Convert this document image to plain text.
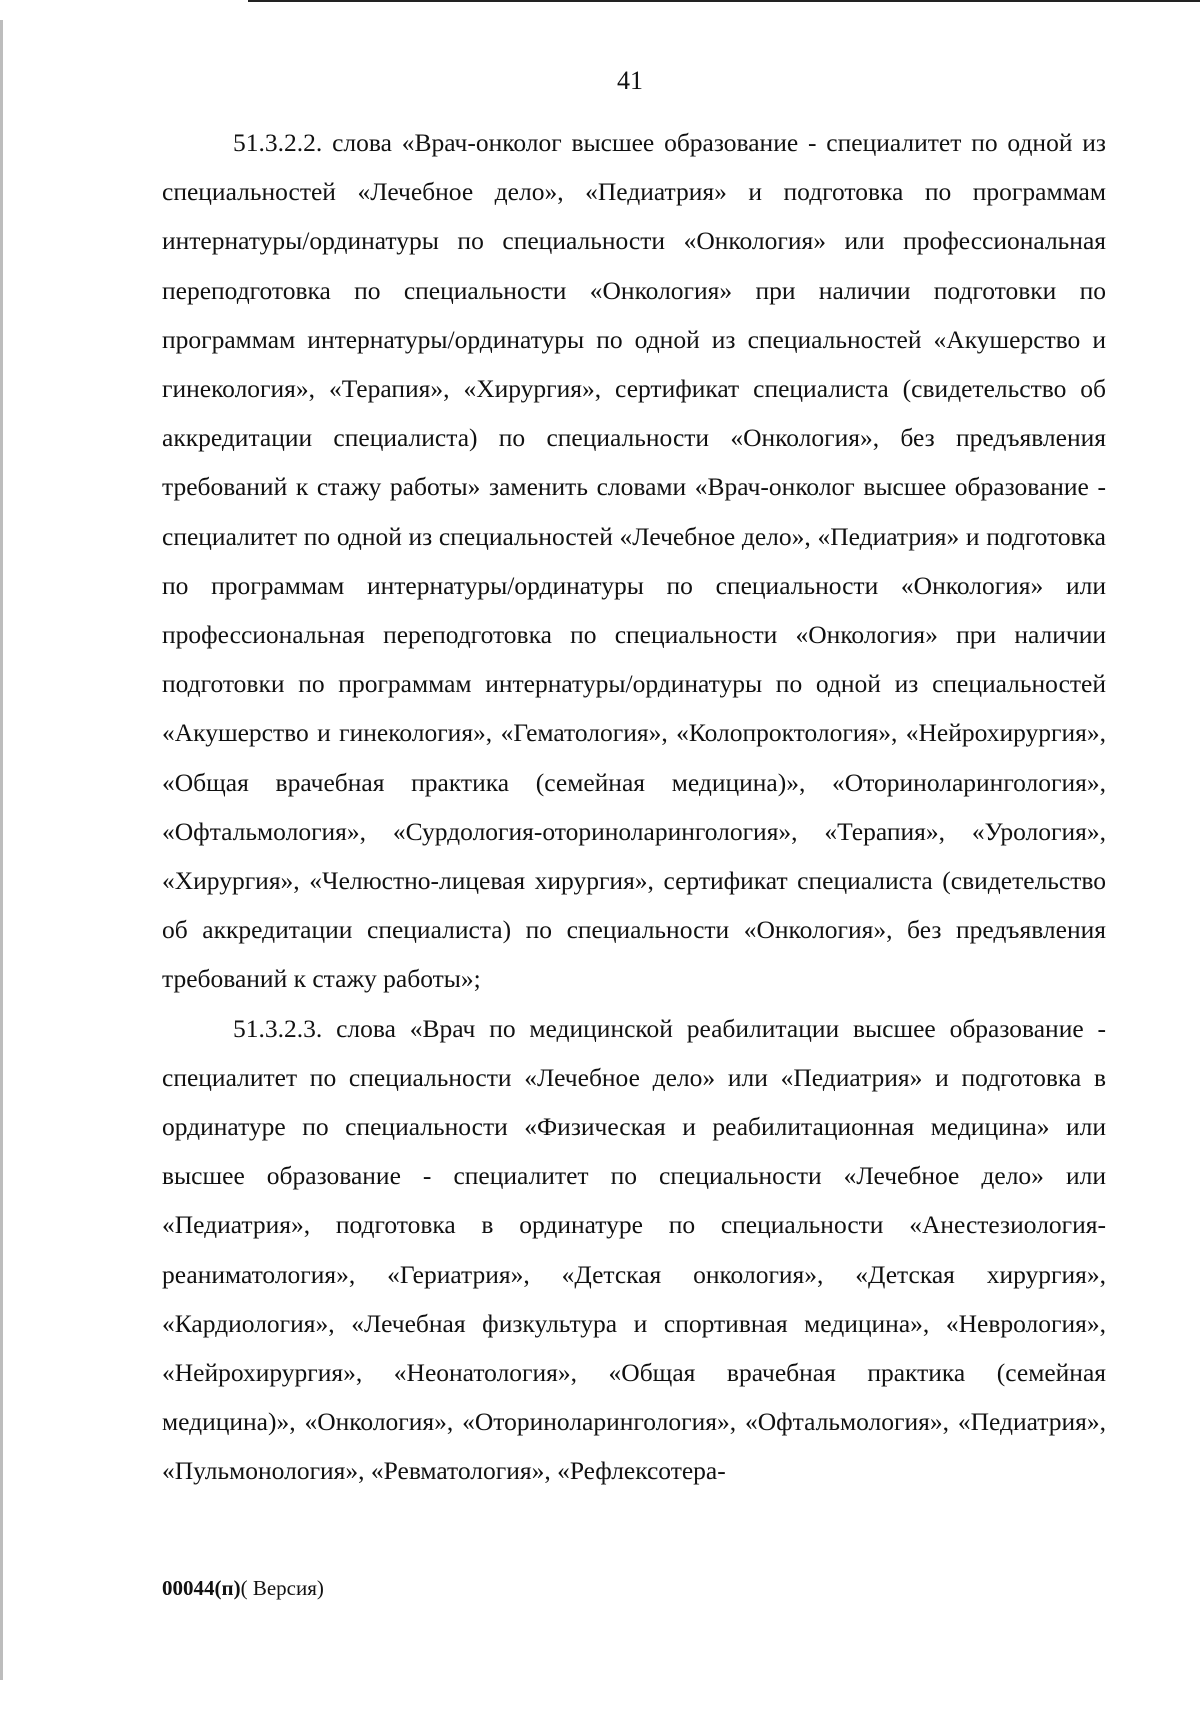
41

51.3.2.2. слова «Врач-онколог высшее образование - специалитет по одной из специальностей «Лечебное дело», «Педиатрия» и подготовка по программам интернатуры/ординатуры по специальности «Онкология» или профессиональная переподготовка по специальности «Онкология» при наличии подготовки по программам интернатуры/ординатуры по одной из специальностей «Акушерство и гинекология», «Терапия», «Хирургия», сертификат специалиста (свидетельство об аккредитации специалиста) по специальности «Онкология», без предъявления требований к стажу работы» заменить словами «Врач-онколог высшее образование - специалитет по одной из специальностей «Лечебное дело», «Педиатрия» и подготовка по программам интернатуры/ординатуры по специальности «Онкология» или профессиональная переподготовка по специальности «Онкология» при наличии подготовки по программам интернатуры/ординатуры по одной из специальностей «Акушерство и гинекология», «Гематология», «Колопроктология», «Нейрохирургия», «Общая врачебная практика (семейная медицина)», «Оториноларингология», «Офтальмология», «Сурдология-оториноларингология», «Терапия», «Урология», «Хирургия», «Челюстно-лицевая хирургия», сертификат специалиста (свидетельство об аккредитации специалиста) по специальности «Онкология», без предъявления требований к стажу работы»;

51.3.2.3. слова «Врач по медицинской реабилитации высшее образование - специалитет по специальности «Лечебное дело» или «Педиатрия» и подготовка в ординатуре по специальности «Физическая и реабилитационная медицина» или высшее образование - специалитет по специальности «Лечебное дело» или «Педиатрия», подготовка в ординатуре по специальности «Анестезиология-реаниматология», «Гериатрия», «Детская онкология», «Детская хирургия», «Кардиология», «Лечебная физкультура и спортивная медицина», «Неврология», «Нейрохирургия», «Неонатология», «Общая врачебная практика (семейная медицина)», «Онкология», «Оториноларингология», «Офтальмология», «Педиатрия», «Пульмонология», «Ревматология», «Рефлексотера-

00044(п)( Версия)
